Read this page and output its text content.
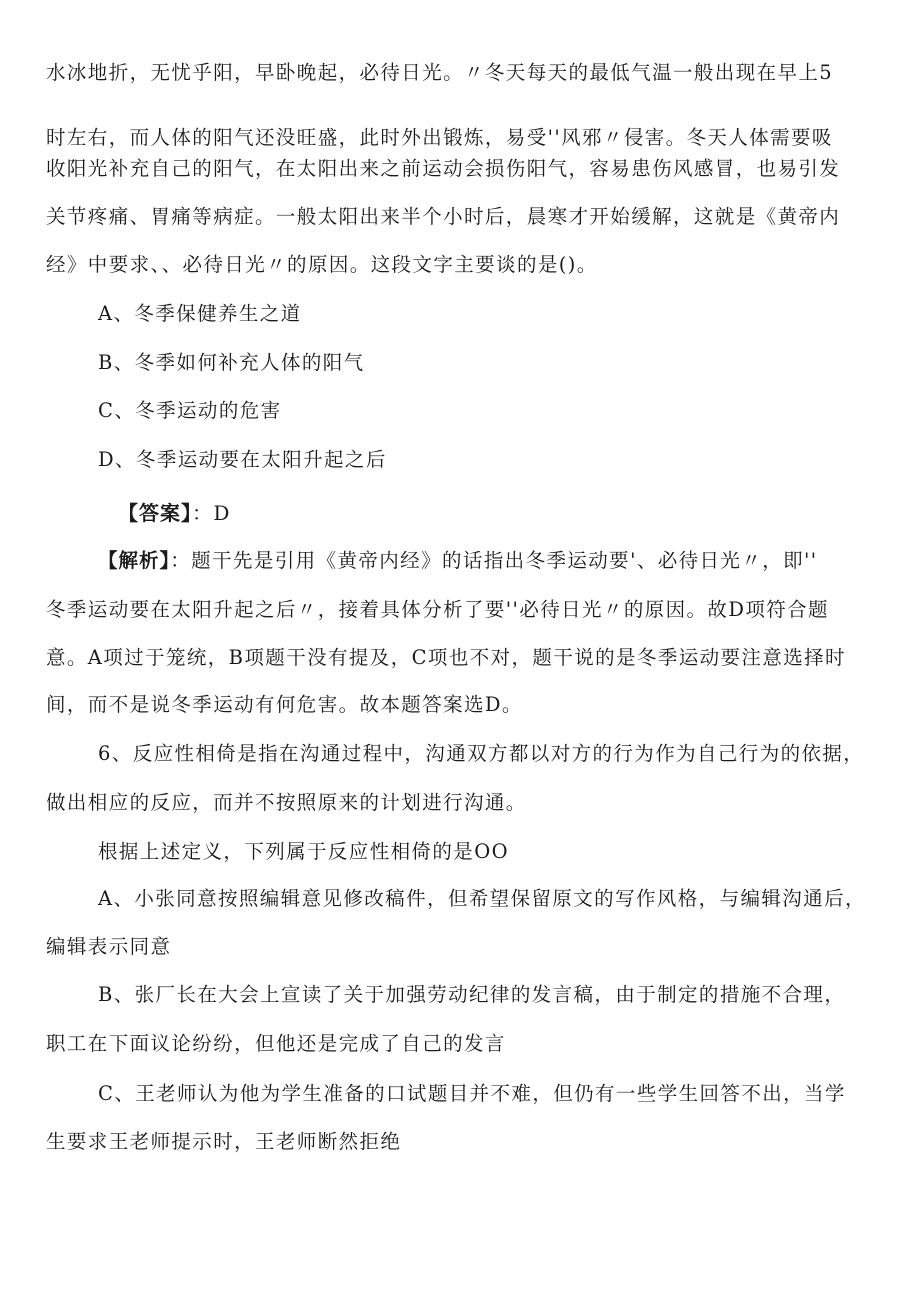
水冰地折，无忧乎阳，早卧晚起，必待日光。〃冬天每天的最低气温一般出现在早上5
时左右，而人体的阳气还没旺盛，此时外出锻炼，易受''风邪〃侵害。冬天人体需要吸
收阳光补充自己的阳气，在太阳出来之前运动会损伤阳气，容易患伤风感冒，也易引发
关节疼痛、胃痛等病症。一般太阳出来半个小时后，晨寒才开始缓解，这就是《黄帝内
经》中要求、、必待日光〃的原因。这段文字主要谈的是()。
A、冬季保健养生之道
B、冬季如何补充人体的阳气
C、冬季运动的危害
D、冬季运动要在太阳升起之后
【答案】：D
【解析】：题干先是引用《黄帝内经》的话指出冬季运动要'、必待日光〃，即''
冬季运动要在太阳升起之后〃，接着具体分析了要''必待日光〃的原因。故D项符合题
意。A项过于笼统，B项题干没有提及，C项也不对，题干说的是冬季运动要注意选择时
间，而不是说冬季运动有何危害。故本题答案选D。
6、反应性相倚是指在沟通过程中，沟通双方都以对方的行为作为自己行为的依据，
做出相应的反应，而并不按照原来的计划进行沟通。
根据上述定义，下列属于反应性相倚的是OO
A、小张同意按照编辑意见修改稿件，但希望保留原文的写作风格，与编辑沟通后，
编辑表示同意
B、张厂长在大会上宣读了关于加强劳动纪律的发言稿，由于制定的措施不合理，
职工在下面议论纷纷，但他还是完成了自己的发言
C、王老师认为他为学生准备的口试题目并不难，但仍有一些学生回答不出，当学
生要求王老师提示时，王老师断然拒绝
